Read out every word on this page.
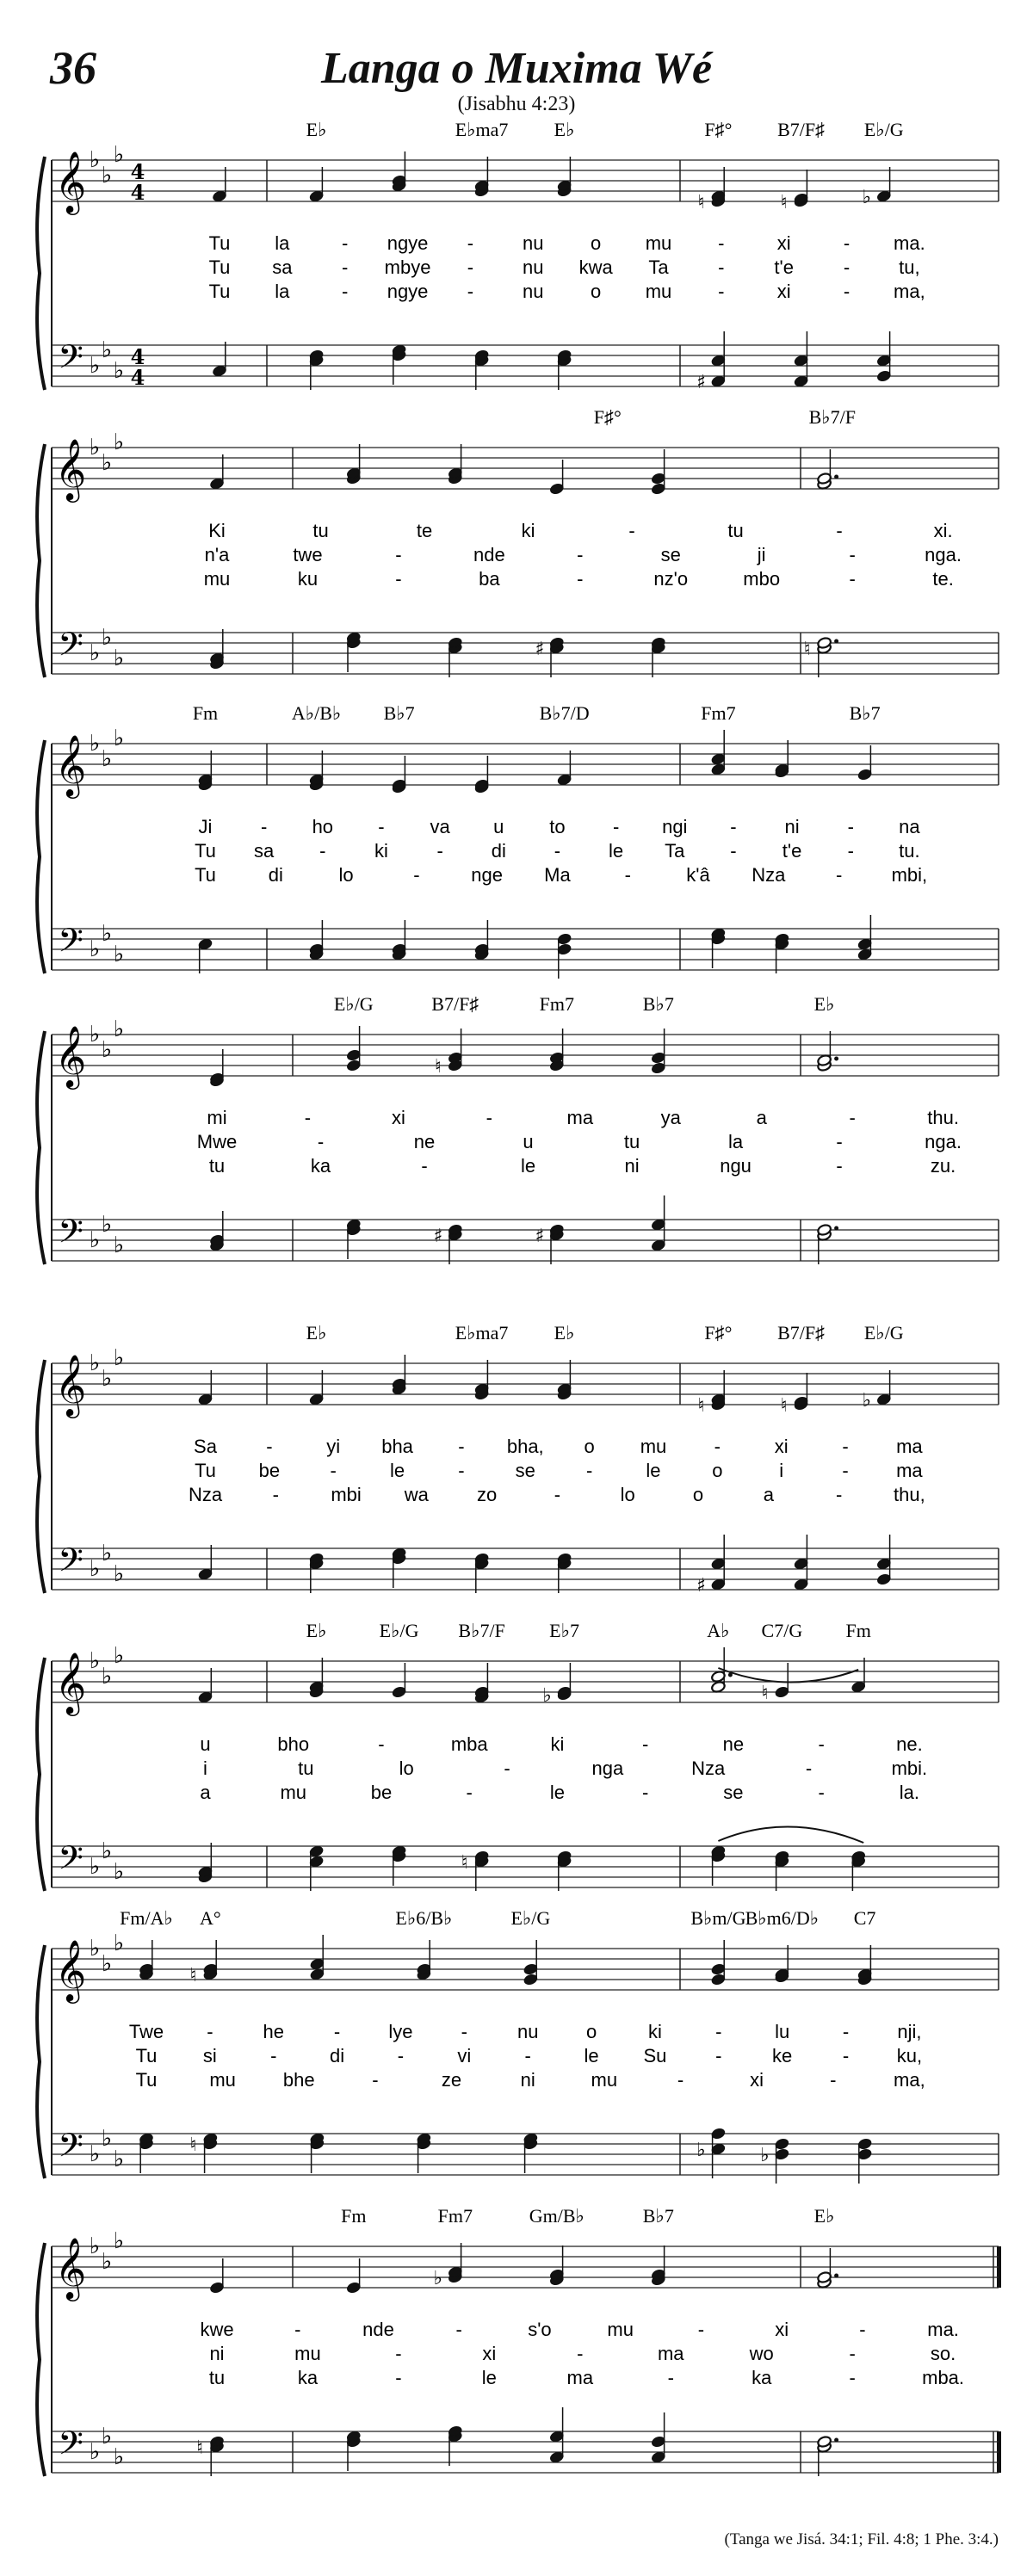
36	Langa o Muxima Wé
(Jisabhu 4:23)
𝄞 ♭
♭
♭
4
4
𝄢 ♭
♭
♭
4
4
E♭	E♭ma7 E♭	F♯° B7/F♯ E♭/G
♮	♮	♭
♯
Tu la	- ngye -	nu o mu -	xi	- ma.
Tu sa	- mbye -	nu kwa Ta	-	t'e	-	tu,
Tu la	- ngye -	nu o mu -	xi	- ma,
𝄞 ♭
♭
♭
𝄢 ♭
♭
♭
F♯°	B♭7/F
♯	♮
Ki	tu	te	ki	-	tu	-	xi.
n'a	twe	-	nde	-	se	ji	-	nga.
mu	ku	-	ba	-	nz'o	mbo	-	te.
𝄞 ♭
♭
♭
𝄢 ♭
♭
♭
Fm	A♭/B♭ B♭7	B♭7/D	Fm7	B♭7
Ji	- ho - va u to	- ngi -	ni	- na
Tu sa -	ki	-	di	-	le Ta - t'e - tu.
Tu	di	lo	-	nge Ma	-	k'â Nza	-	mbi,
𝄞 ♭
♭
♭
𝄢 ♭
♭
♭
E♭/G	B7/F♯	Fm7	B♭7	E♭
♮
♯	♯
mi	-	xi	-	ma	ya	a	-	thu.
Mwe	-	ne	u	tu	la	-	nga.
tu	ka	-	le	ni	ngu	-	zu.
𝄞 ♭
♭
♭
𝄢 ♭
♭
♭
E♭	E♭ma7 E♭	F♯° B7/F♯ E♭/G
♮	♮	♭
♯
Sa	-	yi bha - bha, o mu	-	xi	-	ma
Tu be	-	le	-	se	-	le	o	i	-	ma
Nza	-	mbi wa	zo	-	lo	o	a	-	thu,
𝄞 ♭
♭
♭
𝄢 ♭
♭
♭
E♭	E♭/G B♭7/F E♭7	A♭ C7/G Fm
♭	♮
♮
u	bho	-	mba	ki	-	ne	-	ne.
i	tu	lo	-	nga	Nza	-	mbi.
a	mu	be	-	le	-	se	-	la.
𝄞 ♭
♭
♭
𝄢 ♭
♭
♭
Fm/A♭ A°	E♭6/B♭	E♭/G	B♭m/G B♭m6/D♭ C7
♮
♮	♭	♭
Twe -	he	-	lye	-	nu	o	ki	-	lu	-	nji,
Tu si	-	di	-	vi	-	le Su	-	ke	-	ku,
Tu	mu bhe	-	ze	ni	mu	-	xi	-	ma,
𝄞 ♭
♭
♭
𝄢 ♭
♭
♭
Fm	Fm7	Gm/B♭	B♭7	E♭
♭
♮
kwe	-	nde	-	s'o	mu	-	xi	-	ma.
ni	mu	-	xi	-	ma	wo	-	so.
tu	ka	-	le	ma	-	ka	-	mba.
(Tanga we Jisá. 34:1; Fil. 4:8; 1 Phe. 3:4.)
